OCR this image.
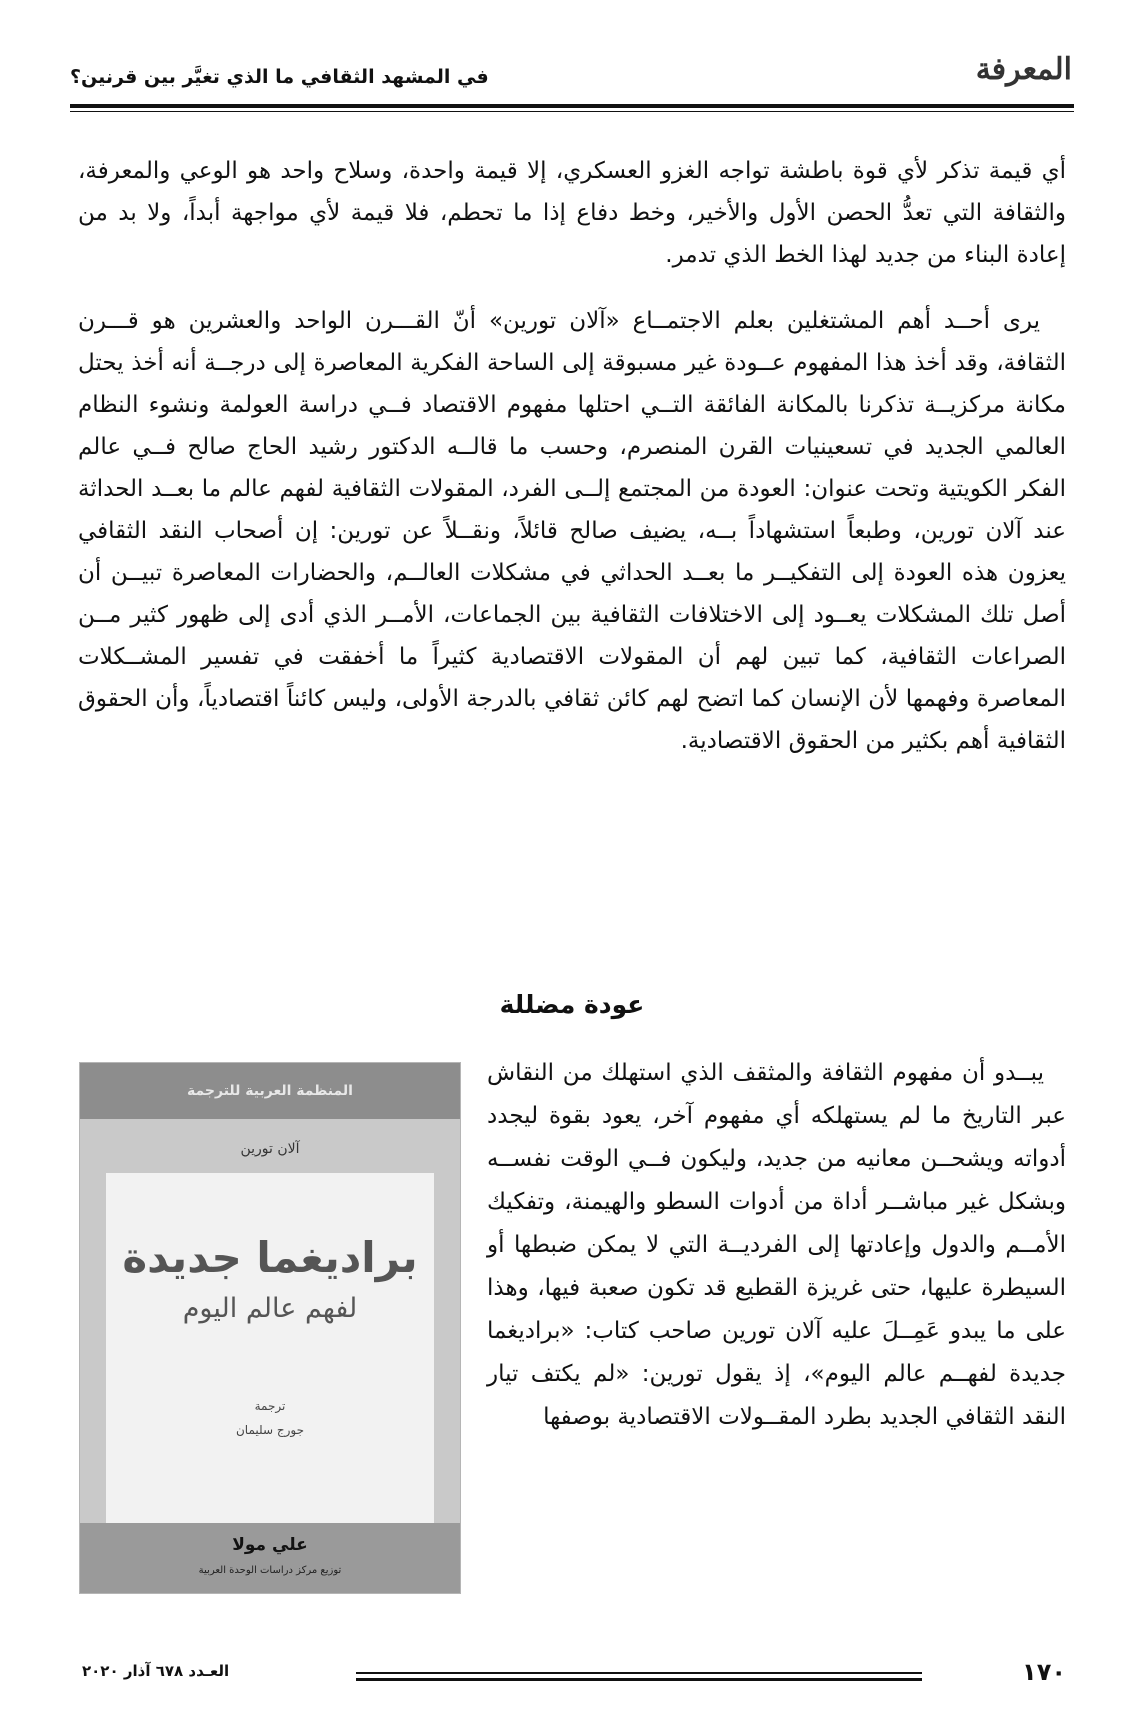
المعرفة
في المشهد الثقافي ما الذي تغيَّر بين قرنين؟

أي قيمة تذكر لأي قوة باطشة تواجه الغزو العسكري، إلا قيمة واحدة، وسلاح واحد هو الوعي والمعرفة، والثقافة التي تعدُّ الحصن الأول والأخير، وخط دفاع إذا ما تحطم، فلا قيمة لأي مواجهة أبداً، ولا بد من إعادة البناء من جديد لهذا الخط الذي تدمر.

يرى أحــد أهم المشتغلين بعلم الاجتمــاع «آلان تورين» أنّ القـــرن الواحد والعشرين هو قـــرن الثقافة، وقد أخذ هذا المفهوم عــودة غير مسبوقة إلى الساحة الفكرية المعاصرة إلى درجــة أنه أخذ يحتل مكانة مركزيــة تذكرنا بالمكانة الفائقة التــي احتلها مفهوم الاقتصاد فــي دراسة العولمة ونشوء النظام العالمي الجديد في تسعينيات القرن المنصرم، وحسب ما قالــه الدكتور رشيد الحاج صالح فــي عالم الفكر الكويتية وتحت عنوان: العودة من المجتمع إلــى الفرد، المقولات الثقافية لفهم عالم ما بعــد الحداثة عند آلان تورين، وطبعاً استشهاداً بــه، يضيف صالح قائلاً، ونقــلاً عن تورين: إن أصحاب النقد الثقافي يعزون هذه العودة إلى التفكيــر ما بعــد الحداثي في مشكلات العالــم، والحضارات المعاصرة تبيــن أن أصل تلك المشكلات يعــود إلى الاختلافات الثقافية بين الجماعات، الأمــر الذي أدى إلى ظهور كثير مــن الصراعات الثقافية، كما تبين لهم أن المقولات الاقتصادية كثيراً ما أخفقت في تفسير المشــكلات المعاصرة وفهمها لأن الإنسان كما اتضح لهم كائن ثقافي بالدرجة الأولى، وليس كائناً اقتصادياً، وأن الحقوق الثقافية أهم بكثير من الحقوق الاقتصادية.

عودة مضللة

يبــدو أن مفهوم الثقافة والمثقف الذي استهلك من النقاش عبر التاريخ ما لم يستهلكه أي مفهوم آخر، يعود بقوة ليجدد أدواته ويشحــن معانيه من جديد، وليكون فــي الوقت نفســه وبشكل غير مباشــر أداة من أدوات السطو والهيمنة، وتفكيك الأمــم والدول وإعادتها إلى الفرديــة التي لا يمكن ضبطها أو السيطرة عليها، حتى غريزة القطيع قد تكون صعبة فيها، وهذا على ما يبدو عَمِــلَ عليه آلان تورين صاحب كتاب: «براديغما جديدة لفهــم عالم اليوم»، إذ يقول تورين: «لم يكتف تيار النقد الثقافي الجديد بطرد المقــولات الاقتصادية بوصفها

المنظمة العربية للترجمة
آلان تورين
براديغما جديدة
لفهم عالم اليوم
ترجمة
جورج سليمان
علي مولا
توزيع مركز دراسات الوحدة العربية
١٧٠
العـدد ٦٧٨ آذار ٢٠٢٠
